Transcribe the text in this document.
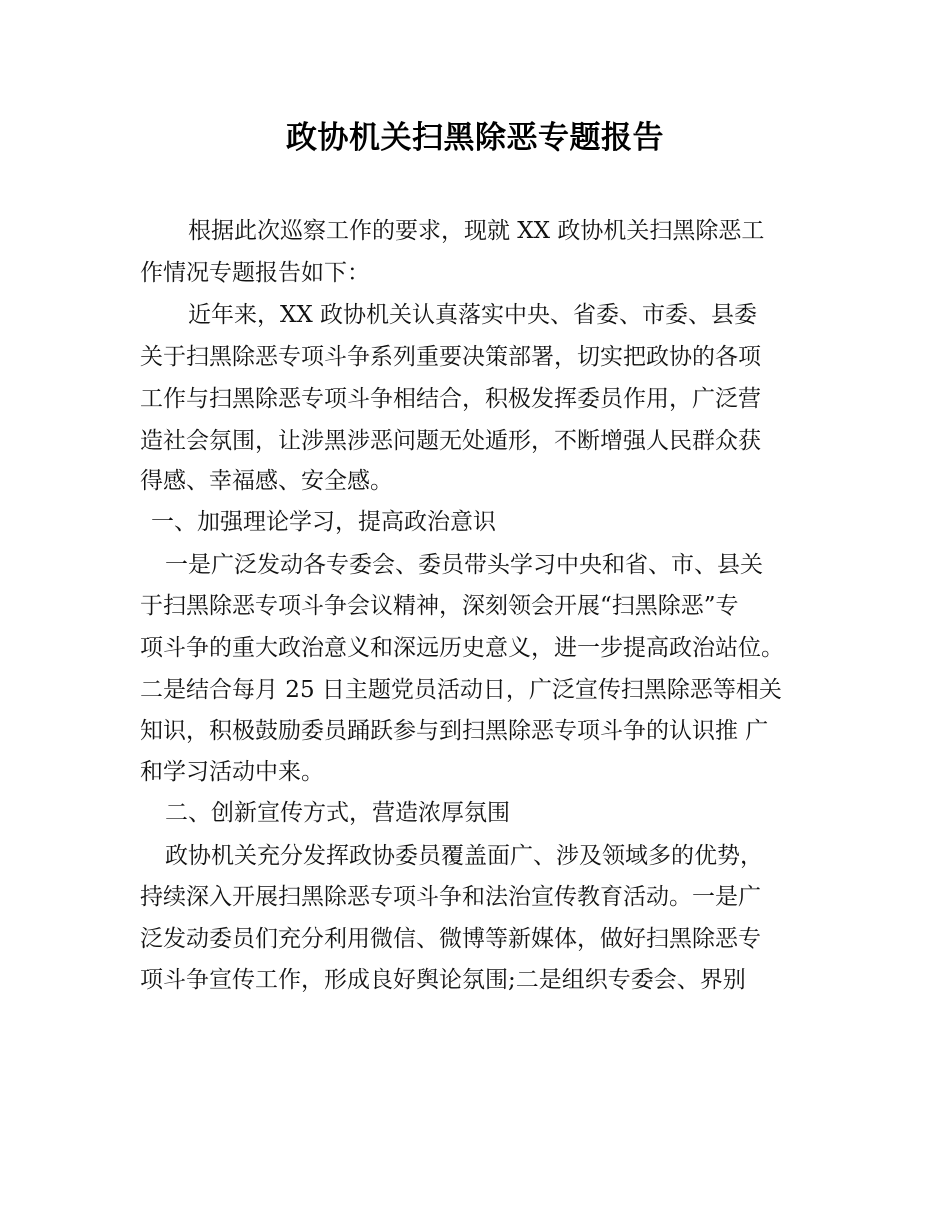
政协机关扫黑除恶专题报告
根据此次巡察工作的要求，现就 XX 政协机关扫黑除恶工
作情况专题报告如下：
近年来，XX 政协机关认真落实中央、省委、市委、县委
关于扫黑除恶专项斗争系列重要决策部署，切实把政协的各项
工作与扫黑除恶专项斗争相结合，积极发挥委员作用，广泛营
造社会氛围，让涉黑涉恶问题无处遁形，不断增强人民群众获
得感、幸福感、安全感。
一、加强理论学习，提高政治意识
一是广泛发动各专委会、委员带头学习中央和省、市、县关
于扫黑除恶专项斗争会议精神，深刻领会开展“扫黑除恶”专
项斗争的重大政治意义和深远历史意义，进一步提高政治站位。
二是结合每月 25 日主题党员活动日，广泛宣传扫黑除恶等相关
知识，积极鼓励委员踊跃参与到扫黑除恶专项斗争的认识推 广
和学习活动中来。
二、创新宣传方式，营造浓厚氛围
政协机关充分发挥政协委员覆盖面广、涉及领域多的优势，
持续深入开展扫黑除恶专项斗争和法治宣传教育活动。一是广
泛发动委员们充分利用微信、微博等新媒体，做好扫黑除恶专
项斗争宣传工作，形成良好舆论氛围;二是组织专委会、界别
